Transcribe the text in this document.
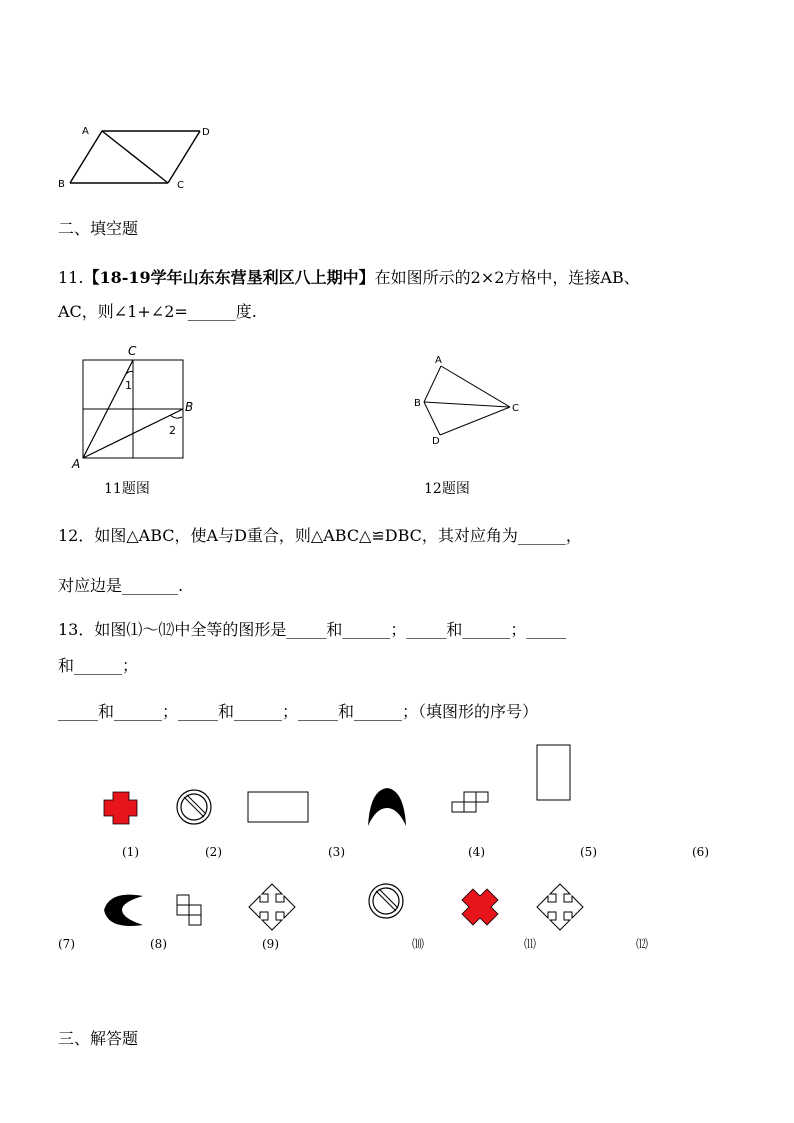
A	D
B	C
二、填空题
11.【18-19学年山东东营垦利区八上期中】在如图所示的2×2方格中，连接AB、
AC，则∠1+∠2=______度.
C
B
A
1
2
11题图
A
B	C
D
12题图
12．如图△ABC，使A与D重合，则△ABC△≌DBC，其对应角为______，
对应边是_______.
13．如图⑴～⑿中全等的图形是_____和______；_____和______；_____
和______；
_____和______；_____和______；_____和______；（填图形的序号）
(1)	(2)	(3)	(4)	(5)	(6)
(7)	(8)	(9)	⑽	⑾	⑿
三、解答题
